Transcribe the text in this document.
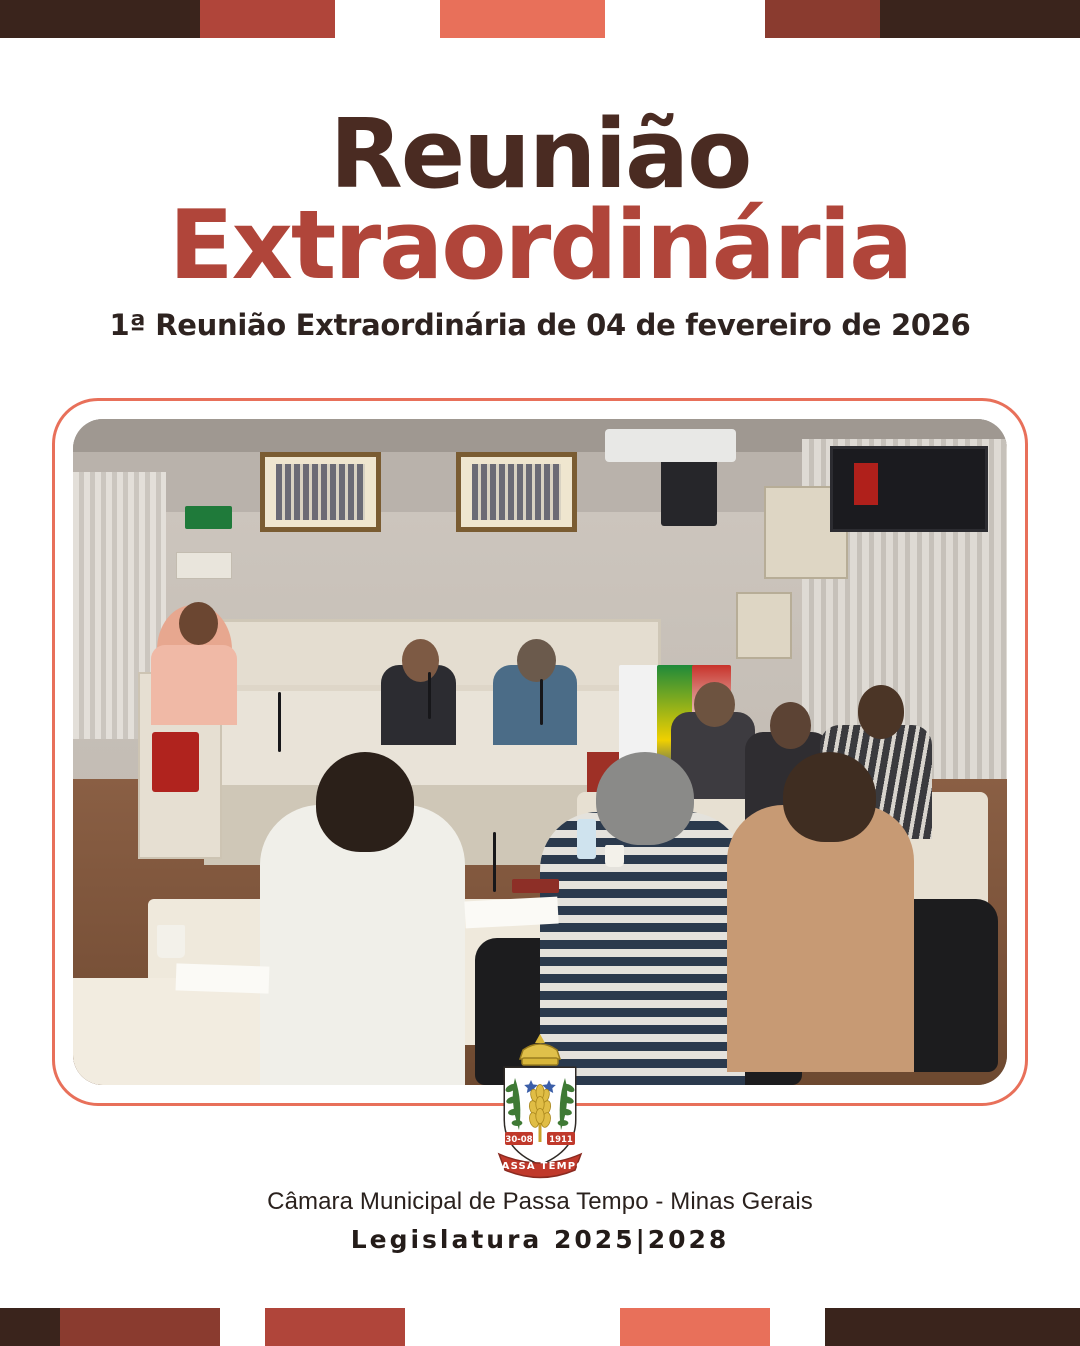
Reunião
Extraordinária
1ª Reunião Extraordinária de 04 de fevereiro de 2026
30-08 1911
PASSA TEMPO
Câmara Municipal de Passa Tempo - Minas Gerais
Legislatura 2025|2028
